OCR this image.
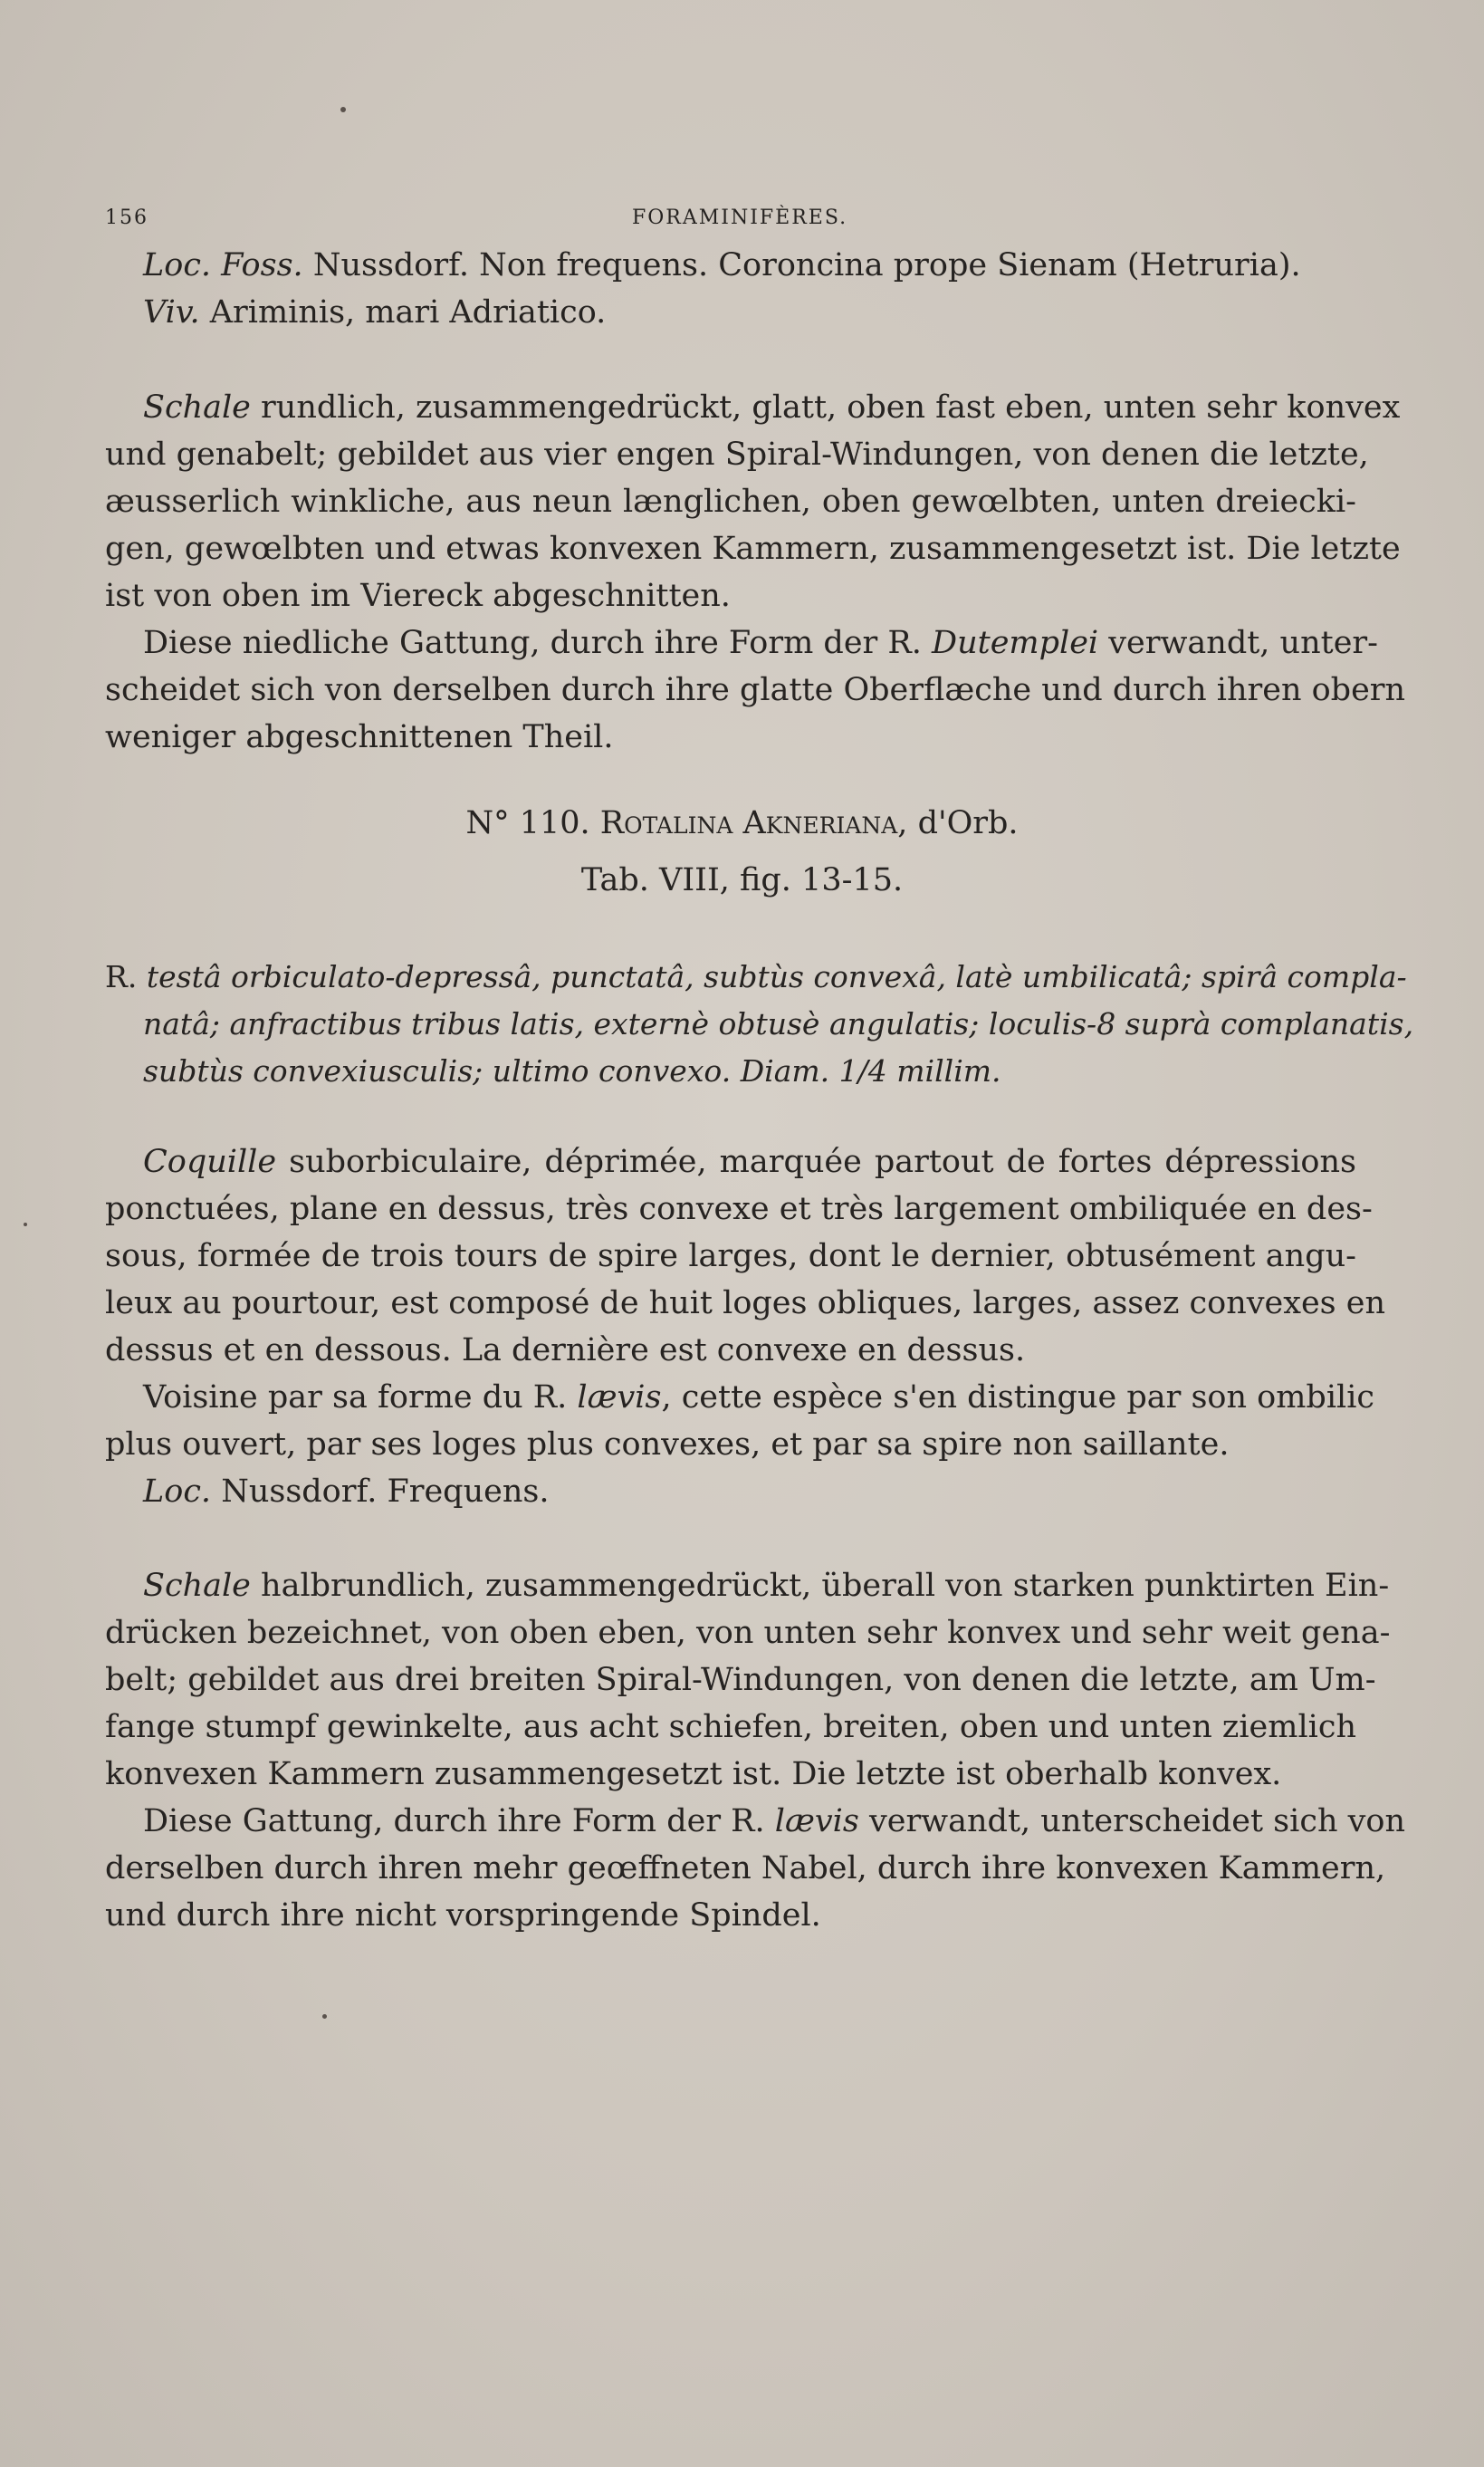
156	FORAMINIFÈRES.
Loc. Foss. Nussdorf. Non frequens. Coroncina prope Sienam (Hetruria).
Viv. Ariminis, mari Adriatico.
Schale rundlich, zusammengedrückt, glatt, oben fast eben, unten sehr konvex
und genabelt; gebildet aus vier engen Spiral-Windungen, von denen die letzte,
æusserlich winkliche, aus neun længlichen, oben gewœlbten, unten dreiecki-
gen, gewœlbten und etwas konvexen Kammern, zusammengesetzt ist. Die letzte
ist von oben im Viereck abgeschnitten.
Diese niedliche Gattung, durch ihre Form der R. Dutemplei verwandt, unter-
scheidet sich von derselben durch ihre glatte Oberflæche und durch ihren obern
weniger abgeschnittenen Theil.
N° 110. Rotalina Akneriana, d'Orb.
Tab. VIII, fig. 13-15.
R. testâ orbiculato-depressâ, punctatâ, subtùs convexâ, latè umbilicatâ; spirâ compla-
natâ; anfractibus tribus latis, externè obtusè angulatis; loculis-8 suprà complanatis,
subtùs convexiusculis; ultimo convexo. Diam. 1/4 millim.
Coquille suborbiculaire, déprimée, marquée partout de fortes dépressions
ponctuées, plane en dessus, très convexe et très largement ombiliquée en des-
sous, formée de trois tours de spire larges, dont le dernier, obtusément angu-
leux au pourtour, est composé de huit loges obliques, larges, assez convexes en
dessus et en dessous. La dernière est convexe en dessus.
Voisine par sa forme du R. lævis, cette espèce s'en distingue par son ombilic
plus ouvert, par ses loges plus convexes, et par sa spire non saillante.
Loc. Nussdorf. Frequens.
Schale halbrundlich, zusammengedrückt, überall von starken punktirten Ein-
drücken bezeichnet, von oben eben, von unten sehr konvex und sehr weit gena-
belt; gebildet aus drei breiten Spiral-Windungen, von denen die letzte, am Um-
fange stumpf gewinkelte, aus acht schiefen, breiten, oben und unten ziemlich
konvexen Kammern zusammengesetzt ist. Die letzte ist oberhalb konvex.
Diese Gattung, durch ihre Form der R. lævis verwandt, unterscheidet sich von
derselben durch ihren mehr geœffneten Nabel, durch ihre konvexen Kammern,
und durch ihre nicht vorspringende Spindel.
